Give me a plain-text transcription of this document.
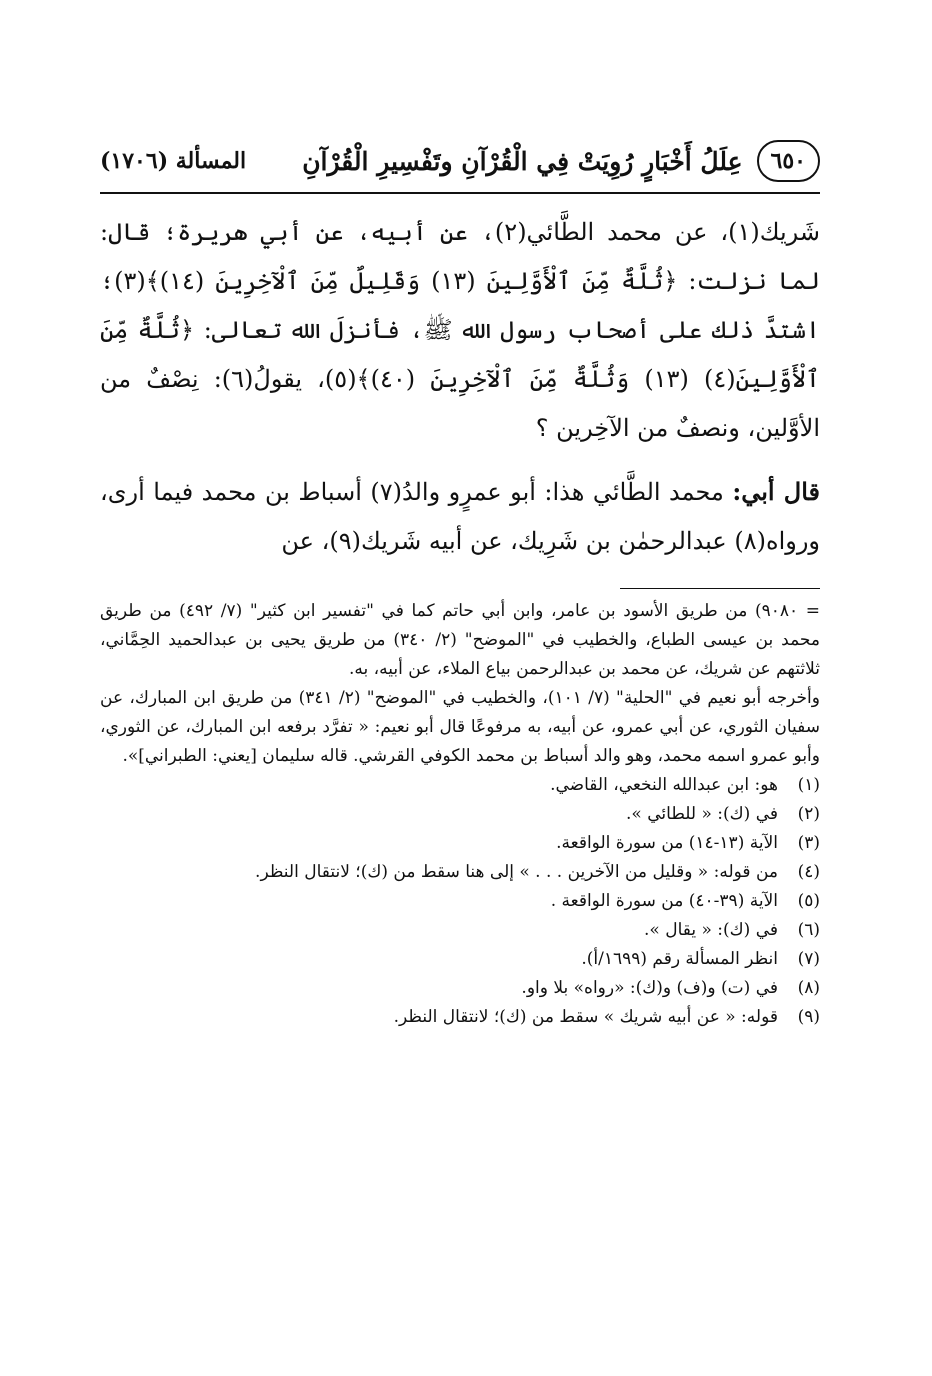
٦٥٠
عِلَلُ أَخْبَارٍ رُوِيَتْ فِي الْقُرْآنِ وتَفْسِيرِ الْقُرْآنِ
المسألة (١٧٠٦)

شَريك(١)، عن محمد الطَّائي(٢)، عن أبيه، عن أبي هريرة؛ قال: لما نزلت: ﴿ثُلَّةٌ مِّنَ ٱلْأَوَّلِينَ (١٣) وَقَلِيلٌ مِّنَ ٱلْآخِرِينَ (١٤)﴾(٣)؛ اشتدَّ ذلك على أصحاب رسول الله ﷺ، فأنزلَ الله تعالى: ﴿ثُلَّةٌ مِّنَ ٱلْأَوَّلِينَ(٤) (١٣) وَثُلَّةٌ مِّنَ ٱلْآخِرِينَ (٤٠)﴾(٥)، يقولُ(٦): نِصْفٌ من الأوَّلين، ونصفٌ من الآخِرين ؟

قال أبي: محمد الطَّائي هذا: أبو عمرٍو والدُ(٧) أسباط بن محمد فيما أرى، ورواه(٨) عبدالرحمٰن بن شَرِيك، عن أبيه شَريك(٩)، عن

= ٩٠٨٠) من طريق الأسود بن عامر، وابن أبي حاتم كما في "تفسير ابن كثير" (٧/ ٤٩٢) من طريق محمد بن عيسى الطباع، والخطيب في "الموضح" (٢/ ٣٤٠) من طريق يحيى بن عبدالحميد الحِمَّاني، ثلاثتهم عن شريك، عن محمد بن عبدالرحمن بياع الملاء، عن أبيه، به.

وأخرجه أبو نعيم في "الحلية" (٧/ ١٠١)، والخطيب في "الموضح" (٢/ ٣٤١) من طريق ابن المبارك، عن سفيان الثوري، عن أبي عمرو، عن أبيه، به مرفوعًا قال أبو نعيم: « تفرَّد برفعه ابن المبارك، عن الثوري، وأبو عمرو اسمه محمد، وهو والد أسباط بن محمد الكوفي القرشي. قاله سليمان [يعني: الطبراني]».

(١)
هو: ابن عبدالله النخعي، القاضي.
(٢)
في (ك): « للطائي ».
(٣)
الآية (١٣-١٤) من سورة الواقعة.
(٤)
من قوله: « وقليل من الآخرين . . . » إلى هنا سقط من (ك)؛ لانتقال النظر.
(٥)
الآية (٣٩-٤٠) من سورة الواقعة .
(٦)
في (ك): « يقال ».
(٧)
انظر المسألة رقم (١٦٩٩/أ).
(٨)
في (ت) و(ف) و(ك): «رواه» بلا واو.
(٩)
قوله: « عن أبيه شريك » سقط من (ك)؛ لانتقال النظر.
